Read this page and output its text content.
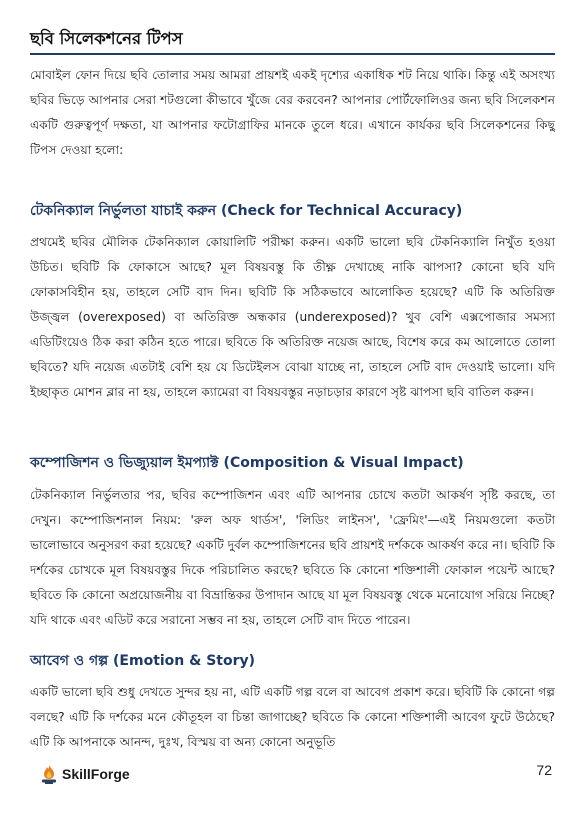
ছবি সিলেকশনের টিপস

মোবাইল ফোন দিয়ে ছবি তোলার সময় আমরা প্রায়শই একই দৃশ্যের একাধিক শট নিয়ে থাকি। কিন্তু এই অসংখ্য ছবির ভিড়ে আপনার সেরা শটগুলো কীভাবে খুঁজে বের করবেন? আপনার পোর্টফোলিওর জন্য ছবি সিলেকশন একটি গুরুত্বপূর্ণ দক্ষতা, যা আপনার ফটোগ্রাফির মানকে তুলে ধরে। এখানে কার্যকর ছবি সিলেকশনের কিছু টিপস দেওয়া হলো:

টেকনিক্যাল নির্ভুলতা যাচাই করুন (Check for Technical Accuracy)

প্রথমেই ছবির মৌলিক টেকনিক্যাল কোয়ালিটি পরীক্ষা করুন। একটি ভালো ছবি টেকনিক্যালি নিখুঁত হওয়া উচিত। ছবিটি কি ফোকাসে আছে? মূল বিষয়বস্তু কি তীক্ষ্ণ দেখাচ্ছে নাকি ঝাপসা? কোনো ছবি যদি ফোকাসবিহীন হয়, তাহলে সেটি বাদ দিন। ছবিটি কি সঠিকভাবে আলোকিত হয়েছে? এটি কি অতিরিক্ত উজ্জ্বল (overexposed) বা অতিরিক্ত অন্ধকার (underexposed)? খুব বেশি এক্সপোজার সমস্যা এডিটিংয়েও ঠিক করা কঠিন হতে পারে। ছবিতে কি অতিরিক্ত নয়েজ আছে, বিশেষ করে কম আলোতে তোলা ছবিতে? যদি নয়েজ এতটাই বেশি হয় যে ডিটেইলস বোঝা যাচ্ছে না, তাহলে সেটি বাদ দেওয়াই ভালো। যদি ইচ্ছাকৃত মোশন ব্লার না হয়, তাহলে ক্যামেরা বা বিষয়বস্তুর নড়াচড়ার কারণে সৃষ্ট ঝাপসা ছবি বাতিল করুন।

কম্পোজিশন ও ভিজ্যুয়াল ইমপ্যাক্ট (Composition & Visual Impact)

টেকনিক্যাল নির্ভুলতার পর, ছবির কম্পোজিশন এবং এটি আপনার চোখে কতটা আকর্ষণ সৃষ্টি করছে, তা দেখুন। কম্পোজিশনাল নিয়ম: 'রুল অফ থার্ডস', 'লিডিং লাইনস', 'ফ্রেমিং'—এই নিয়মগুলো কতটা ভালোভাবে অনুসরণ করা হয়েছে? একটি দুর্বল কম্পোজিশনের ছবি প্রায়শই দর্শককে আকর্ষণ করে না। ছবিটি কি দর্শকের চোখকে মূল বিষয়বস্তুর দিকে পরিচালিত করছে? ছবিতে কি কোনো শক্তিশালী ফোকাল পয়েন্ট আছে? ছবিতে কি কোনো অপ্রয়োজনীয় বা বিভ্রান্তিকর উপাদান আছে যা মূল বিষয়বস্তু থেকে মনোযোগ সরিয়ে নিচ্ছে? যদি থাকে এবং এডিট করে সরানো সম্ভব না হয়, তাহলে সেটি বাদ দিতে পারেন।

আবেগ ও গল্প (Emotion & Story)

একটি ভালো ছবি শুধু দেখতে সুন্দর হয় না, এটি একটি গল্প বলে বা আবেগ প্রকাশ করে। ছবিটি কি কোনো গল্প বলছে? এটি কি দর্শকের মনে কৌতূহল বা চিন্তা জাগাচ্ছে? ছবিতে কি কোনো শক্তিশালী আবেগ ফুটে উঠেছে? এটি কি আপনাকে আনন্দ, দুঃখ, বিস্ময় বা অন্য কোনো অনুভূতি

SkillForge	72
